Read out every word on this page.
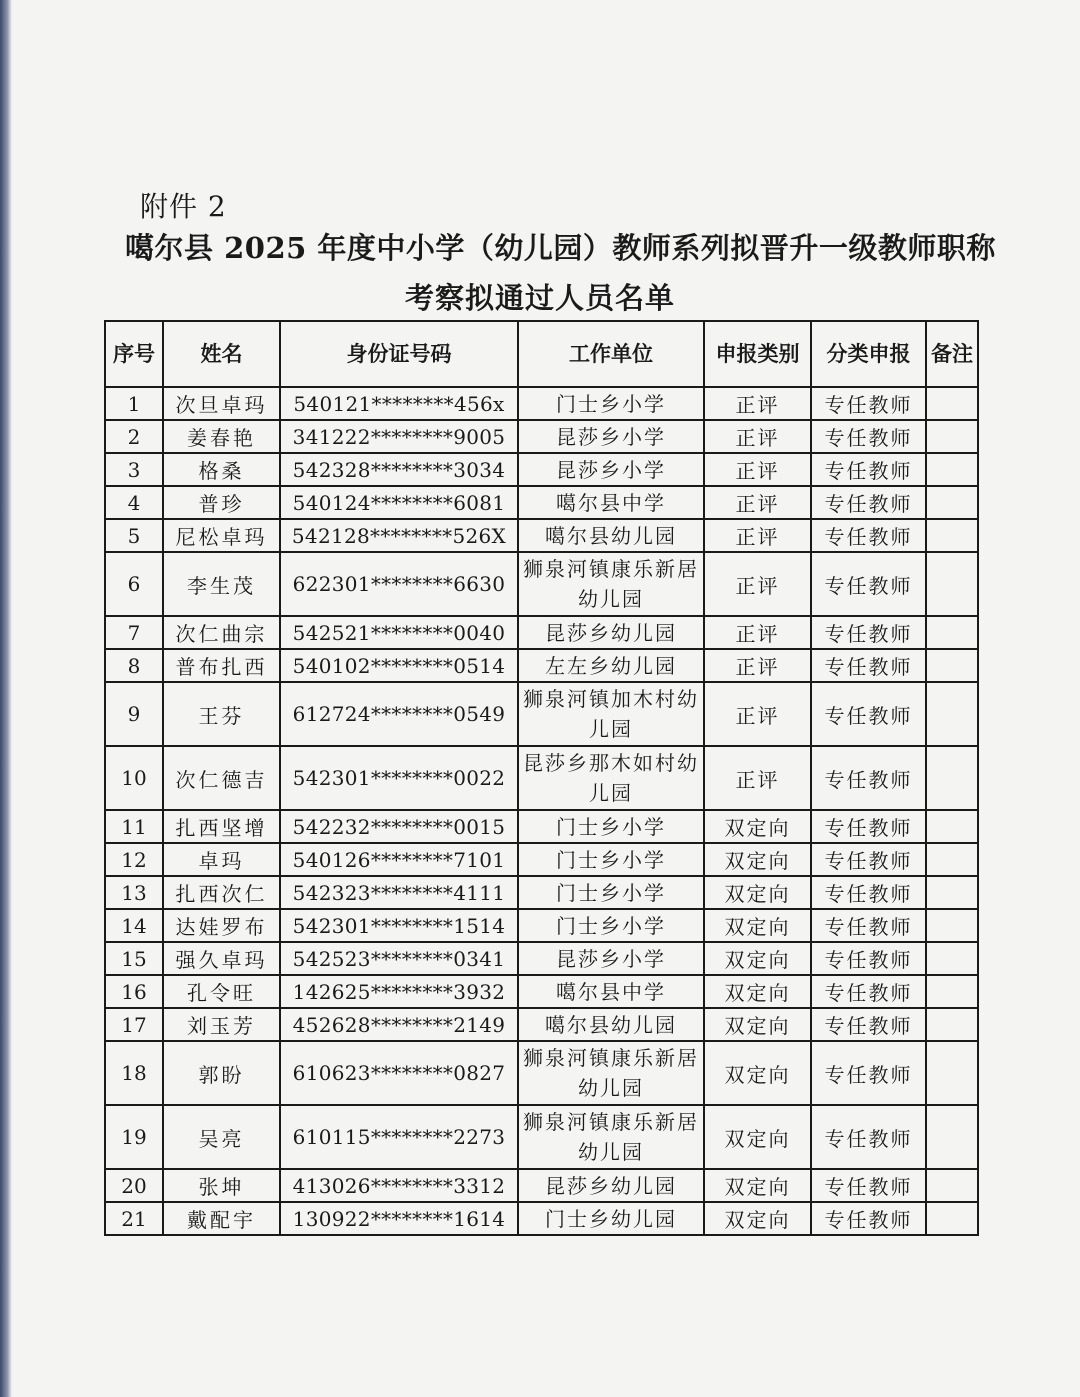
附件 2
噶尔县 2025 年度中小学（幼儿园）教师系列拟晋升一级教师职称
考察拟通过人员名单
序号	姓名	身份证号码	工作单位	申报类别	分类申报	备注
1	次旦卓玛	540121********456x	门士乡小学	正评	专任教师	
2	姜春艳	341222********9005	昆莎乡小学	正评	专任教师	
3	格桑	542328********3034	昆莎乡小学	正评	专任教师	
4	普珍	540124********6081	噶尔县中学	正评	专任教师	
5	尼松卓玛	542128********526X	噶尔县幼儿园	正评	专任教师	
6	李生茂	622301********6630	狮泉河镇康乐新居幼儿园	正评	专任教师	
7	次仁曲宗	542521********0040	昆莎乡幼儿园	正评	专任教师	
8	普布扎西	540102********0514	左左乡幼儿园	正评	专任教师	
9	王芬	612724********0549	狮泉河镇加木村幼儿园	正评	专任教师	
10	次仁德吉	542301********0022	昆莎乡那木如村幼儿园	正评	专任教师	
11	扎西坚增	542232********0015	门士乡小学	双定向	专任教师	
12	卓玛	540126********7101	门士乡小学	双定向	专任教师	
13	扎西次仁	542323********4111	门士乡小学	双定向	专任教师	
14	达娃罗布	542301********1514	门士乡小学	双定向	专任教师	
15	强久卓玛	542523********0341	昆莎乡小学	双定向	专任教师	
16	孔令旺	142625********3932	噶尔县中学	双定向	专任教师	
17	刘玉芳	452628********2149	噶尔县幼儿园	双定向	专任教师	
18	郭盼	610623********0827	狮泉河镇康乐新居幼儿园	双定向	专任教师	
19	吴亮	610115********2273	狮泉河镇康乐新居幼儿园	双定向	专任教师	
20	张坤	413026********3312	昆莎乡幼儿园	双定向	专任教师	
21	戴配宇	130922********1614	门士乡幼儿园	双定向	专任教师	
